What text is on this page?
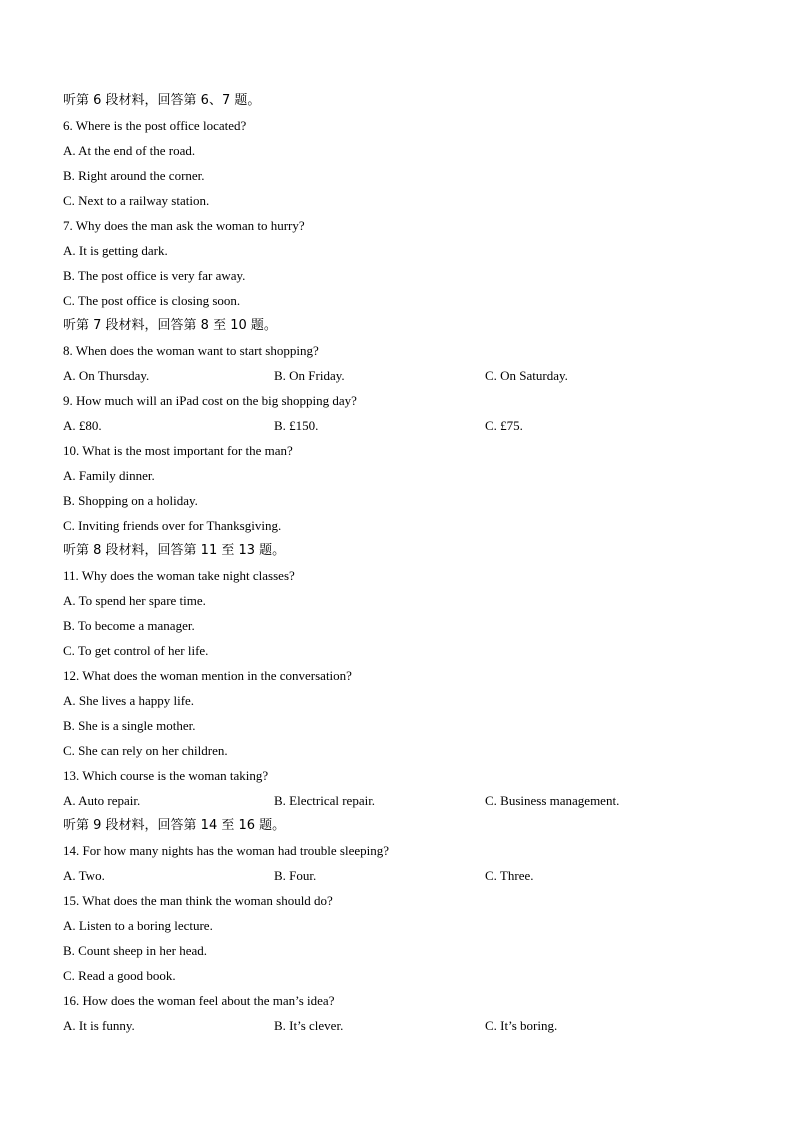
听第 6 段材料，回答第 6、7 题。
6. Where is the post office located?
A. At the end of the road.
B. Right around the corner.
C. Next to a railway station.
7. Why does the man ask the woman to hurry?
A. It is getting dark.
B. The post office is very far away.
C. The post office is closing soon.
听第 7 段材料，回答第 8 至 10 题。
8. When does the woman want to start shopping?
A. On Thursday.	B. On Friday.	C. On Saturday.
9. How much will an iPad cost on the big shopping day?
A. £80.	B. £150.	C. £75.
10. What is the most important for the man?
A. Family dinner.
B. Shopping on a holiday.
C. Inviting friends over for Thanksgiving.
听第 8 段材料，回答第 11 至 13 题。
11. Why does the woman take night classes?
A. To spend her spare time.
B. To become a manager.
C. To get control of her life.
12. What does the woman mention in the conversation?
A. She lives a happy life.
B. She is a single mother.
C. She can rely on her children.
13. Which course is the woman taking?
A. Auto repair.	B. Electrical repair.	C. Business management.
听第 9 段材料，回答第 14 至 16 题。
14. For how many nights has the woman had trouble sleeping?
A. Two.	B. Four.	C. Three.
15. What does the man think the woman should do?
A. Listen to a boring lecture.
B. Count sheep in her head.
C. Read a good book.
16. How does the woman feel about the man’s idea?
A. It is funny.	B. It’s clever.	C. It’s boring.
